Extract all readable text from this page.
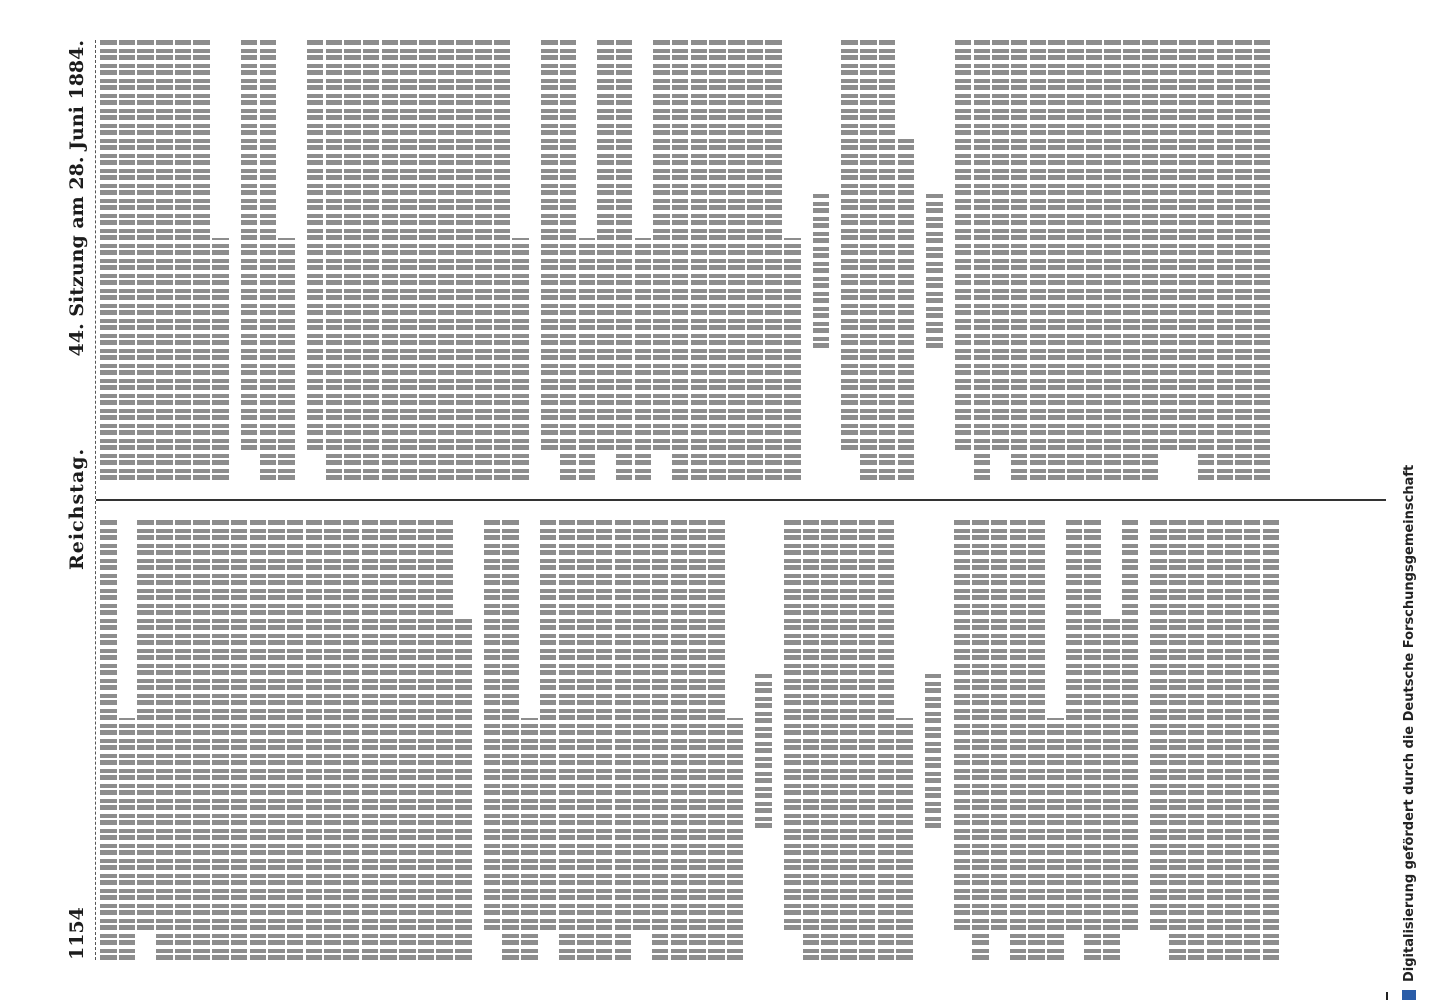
1154
Reichstag.
44. Sitzung am 28. Juni 1884.
Digitalisierung gefördert durch die Deutsche Forschungsgemeinschaft
